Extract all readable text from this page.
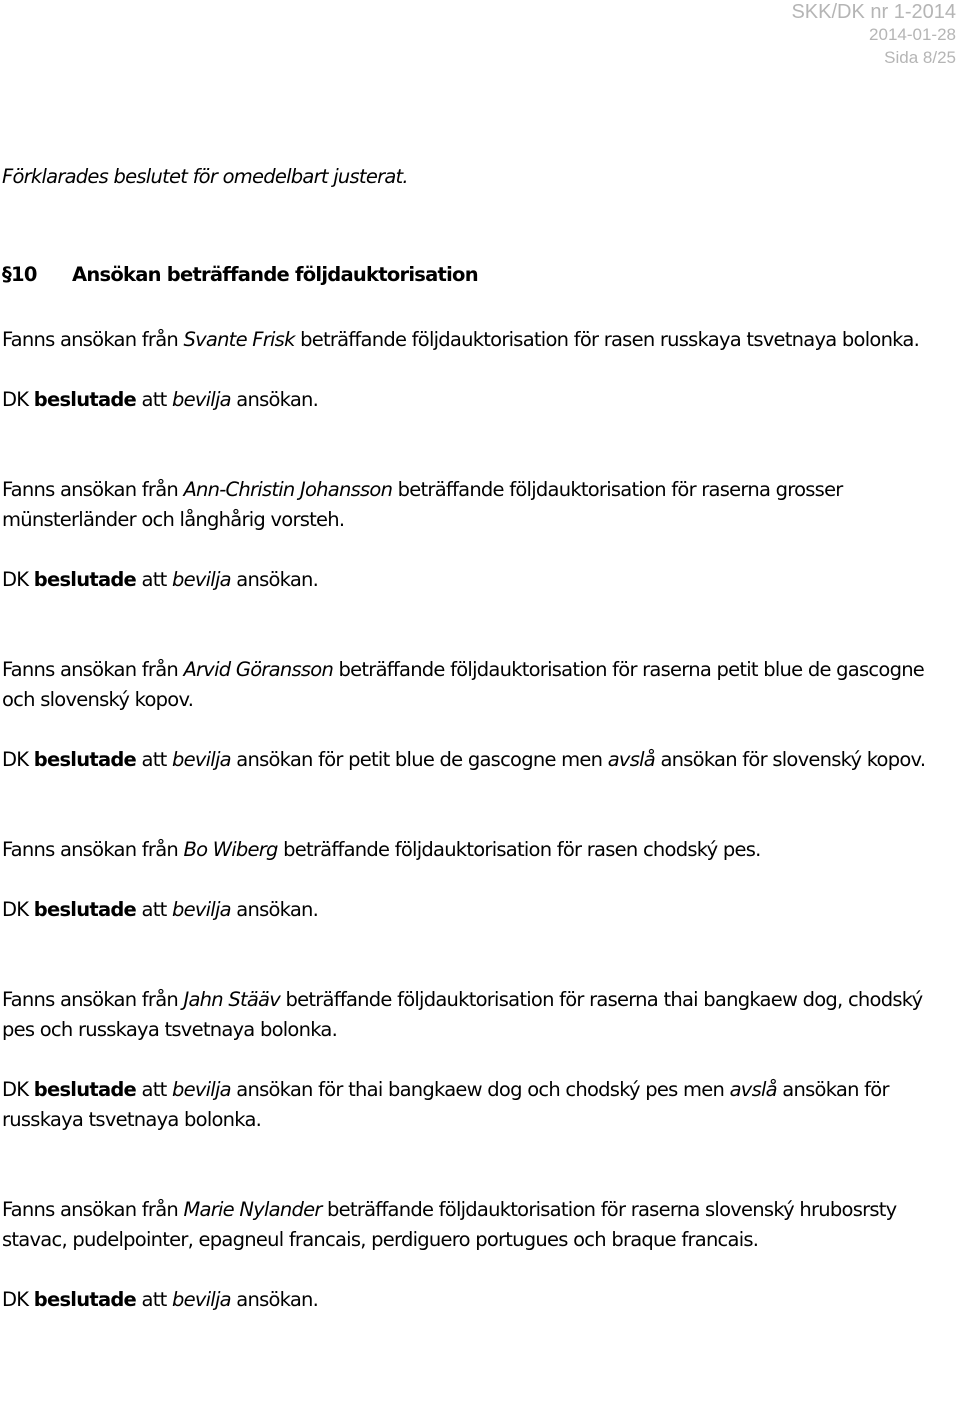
SKK/DK nr 1-2014
2014-01-28
Sida 8/25

Förklarades beslutet för omedelbart justerat.

§10 Ansökan beträffande följdauktorisation

Fanns ansökan från Svante Frisk beträffande följdauktorisation för rasen russkaya tsvetnaya bolonka.

DK beslutade att bevilja ansökan.

Fanns ansökan från Ann-Christin Johansson beträffande följdauktorisation för raserna grosser münsterländer och långhårig vorsteh.

DK beslutade att bevilja ansökan.

Fanns ansökan från Arvid Göransson beträffande följdauktorisation för raserna petit blue de gascogne och slovenský kopov.

DK beslutade att bevilja ansökan för petit blue de gascogne men avslå ansökan för slovenský kopov.

Fanns ansökan från Bo Wiberg beträffande följdauktorisation för rasen chodský pes.

DK beslutade att bevilja ansökan.

Fanns ansökan från Jahn Stääv beträffande följdauktorisation för raserna thai bangkaew dog, chodský pes och russkaya tsvetnaya bolonka.

DK beslutade att bevilja ansökan för thai bangkaew dog och chodský pes men avslå ansökan för russkaya tsvetnaya bolonka.

Fanns ansökan från Marie Nylander beträffande följdauktorisation för raserna slovenský hrubosrsty stavac, pudelpointer, epagneul francais, perdiguero portugues och braque francais.

DK beslutade att bevilja ansökan.
